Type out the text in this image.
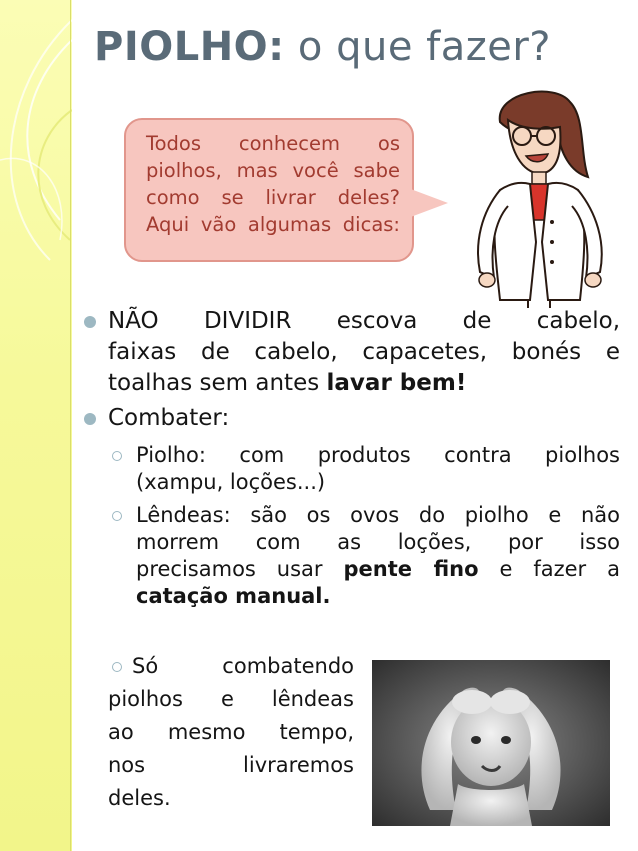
PIOLHO: o que fazer?
Todos conhecem os
piolhos, mas você sabe
como se livrar deles?
Aqui vão algumas dicas:
NÃO DIVIDIR escova de cabelo,
faixas de cabelo, capacetes, bonés e
toalhas sem antes lavar bem!
Combater:
Piolho: com produtos contra piolhos
(xampu, loções...)
Lêndeas: são os ovos do piolho e não
morrem com as loções, por isso
precisamos usar pente fino e fazer a
catação manual.
Só combatendo
piolhos e lêndeas
ao mesmo tempo,
nos livraremos
deles.
